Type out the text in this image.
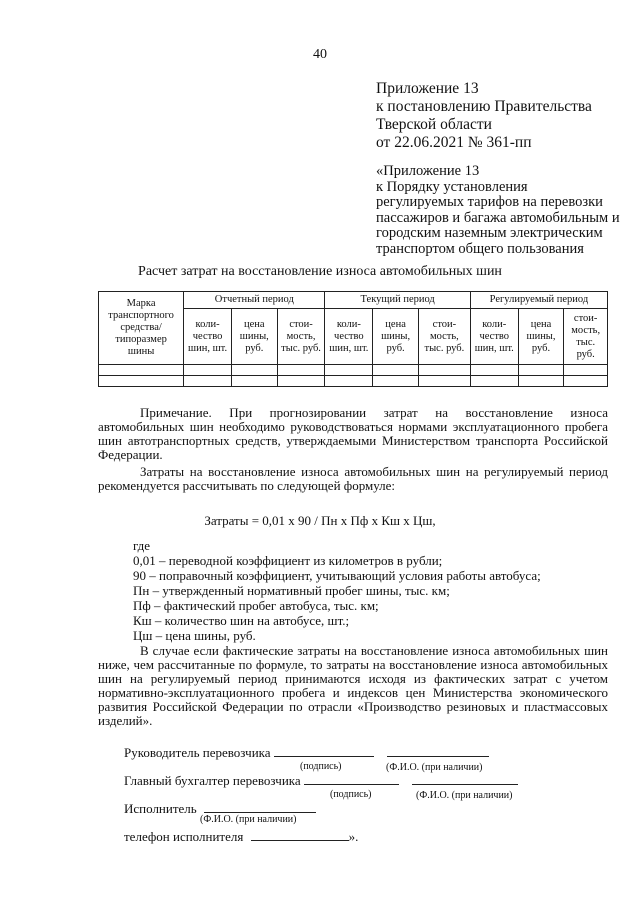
40
Приложение 13
к постановлению Правительства
Тверской области
от 22.06.2021 № 361-пп
«Приложение 13
к Порядку установления
регулируемых тарифов на перевозки
пассажиров и багажа автомобильным и
городским наземным электрическим
транспортом общего пользования
Расчет затрат на восстановление износа автомобильных шин
Марка транспортного средства/ типоразмер шины	Отчетный период			Текущий период			Регулируемый период		
	коли-чество шин, шт.	цена шины, руб.	стои-мость, тыс. руб.	коли-чество шин, шт.	цена шины, руб.	стои-мость, тыс. руб.	коли-чество шин, шт.	цена шины, руб.	стои-мость, тыс. руб.

Примечание. При прогнозировании затрат на восстановление износа автомобильных шин необходимо руководствоваться нормами эксплуатационного пробега шин автотранспортных средств, утверждаемыми Министерством транспорта Российской Федерации.
Затраты на восстановление износа автомобильных шин на регулируемый период рекомендуется рассчитывать по следующей формуле:
Затраты = 0,01 х 90 / Пн х Пф х Кш х Цш,
где
0,01 – переводной коэффициент из километров в рубли;
90 – поправочный коэффициент, учитывающий условия работы автобуса;
Пн – утвержденный нормативный пробег шины, тыс. км;
Пф – фактический пробег автобуса, тыс. км;
Кш – количество шин на автобусе, шт.;
Цш – цена шины, руб.
В случае если фактические затраты на восстановление износа автомобильных шин ниже, чем рассчитанные по формуле, то затраты на восстановление износа автомобильных шин на регулируемый период принимаются исходя из фактических затрат с учетом нормативно-эксплуатационного пробега и индексов цен Министерства экономического развития Российской Федерации по отрасли «Производство резиновых и пластмассовых изделий».
Руководитель перевозчика
(подпись)	(Ф.И.О. (при наличии)
Главный бухгалтер перевозчика
(подпись)	(Ф.И.О. (при наличии)
Исполнитель
(Ф.И.О. (при наличии)
телефон исполнителя	».
